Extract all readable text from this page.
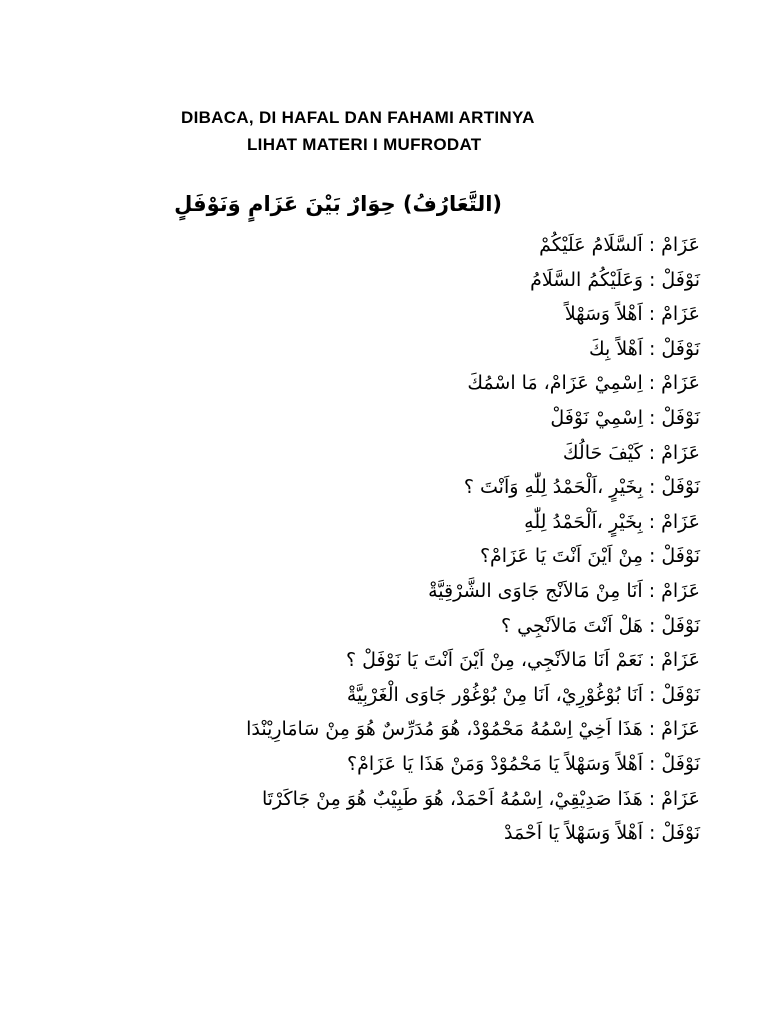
DIBACA, DI HAFAL DAN FAHAMI ARTINYA
LIHAT MATERI I MUFRODAT
(التَّعَارُفُ) حِوَارٌ بَيْنَ عَزَامٍ وَنَوْفَلٍ
عَزَامْ:اَلسَّلَامُ عَلَيْكُمْ
نَوْفَلْ:وَعَلَيْكُمُ السَّلَامُ
عَزَامْ:اَهْلاً وَسَهْلاً
نَوْفَلْ:اَهْلاً بِكَ
عَزَامْ:اِسْمِيْ عَزَامْ، مَا اسْمُكَ
نَوْفَلْ:اِسْمِيْ نَوْفَلْ
عَزَامْ:كَيْفَ حَالُكَ
نَوْفَلْ:بِخَيْرٍ ،اَلْحَمْدُ لِلّٰهِ وَاَنْتَ ؟
عَزَامْ:بِخَيْرٍ ،اَلْحَمْدُ لِلّٰهِ
نَوْفَلْ:مِنْ اَيْنَ اَنْتَ يَا عَزَامْ؟
عَزَامْ:اَنَا مِنْ مَالاَنْج جَاوَى الشَّرْقِيَّةْ
نَوْفَلْ:هَلْ اَنْتَ مَالاَنْجِي ؟
عَزَامْ:نَعَمْ اَنَا مَالاَنْجِي، مِنْ اَيْنَ اَنْتَ يَا نَوْفَلْ ؟
نَوْفَلْ:اَنَا بُوْغُوْرِيْ، اَنَا مِنْ بُوْغُوْر جَاوَى الْغَرْبِيَّةْ
عَزَامْ:هَذَا اَخِيْ اِسْمُهُ مَحْمُوْدْ، هُوَ مُدَرِّسٌ هُوَ مِنْ سَامَارِيْنْدَا
نَوْفَلْ:اَهْلاً وَسَهْلاً يَا مَحْمُوْدْ وَمَنْ هَذَا يَا عَزَامْ؟
عَزَامْ:هَذَا صَدِيْقِيْ، اِسْمُهُ اَحْمَدْ، هُوَ طَبِيْبٌ هُوَ مِنْ جَاكَرْتَا
نَوْفَلْ:اَهْلاً وَسَهْلاً يَا اَحْمَدْ
